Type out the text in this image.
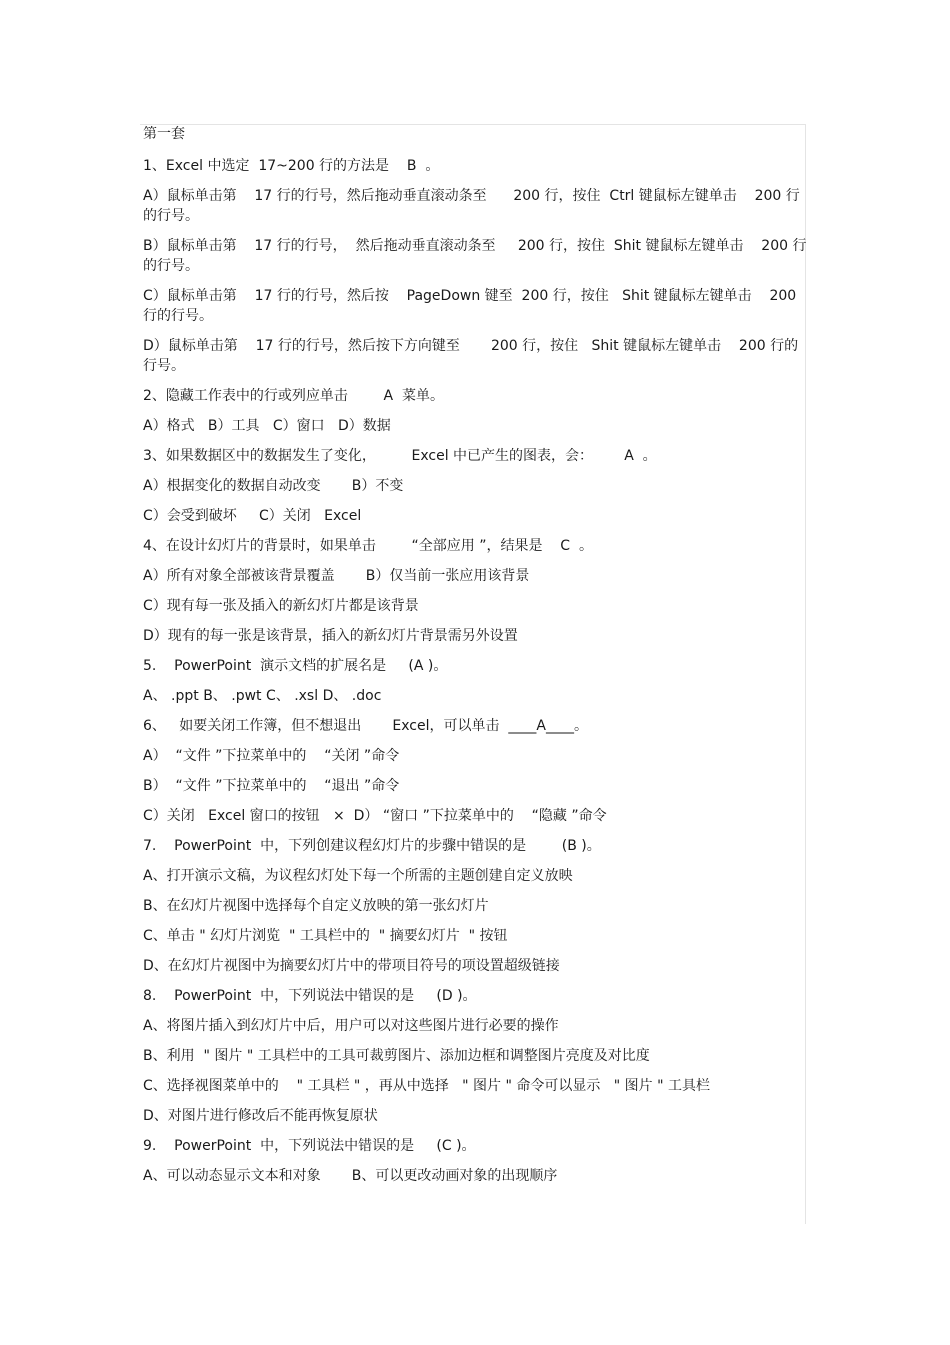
第一套
1、Excel 中选定  17~200 行的方法是    B  。
A）鼠标单击第    17 行的行号，然后拖动垂直滚动条至      200 行，按住  Ctrl 键鼠标左键单击    200 行的行号。
B）鼠标单击第    17 行的行号，  然后拖动垂直滚动条至     200 行，按住  Shit 键鼠标左键单击    200 行的行号。
C）鼠标单击第    17 行的行号，然后按    PageDown 键至  200 行，按住   Shit 键鼠标左键单击    200 行的行号。
D）鼠标单击第    17 行的行号，然后按下方向键至       200 行，按住   Shit 键鼠标左键单击    200 行的行号。
2、隐藏工作表中的行或列应单击        A  菜单。
A）格式   B）工具   C）窗口   D）数据
3、如果数据区中的数据发生了变化，        Excel 中已产生的图表，会：       A  。
A）根据变化的数据自动改变       B）不变
C）会受到破坏     C）关闭   Excel
4、在设计幻灯片的背景时，如果单击        “全部应用 ”，结果是    C  。
A）所有对象全部被该背景覆盖       B）仅当前一张应用该背景
C）现有每一张及插入的新幻灯片都是该背景
D）现有的每一张是该背景，插入的新幻灯片背景需另外设置
5.    PowerPoint  演示文档的扩展名是     (A )。
A、 .ppt B、 .pwt C、 .xsl D、 .doc
6、   如要关闭工作簿，但不想退出       Excel，可以单击  ____A____。
A）  “文件 ”下拉菜单中的    “关闭 ”命令
B）  “文件 ”下拉菜单中的    “退出 ”命令
C）关闭   Excel 窗口的按钮   ×  D） “窗口 ”下拉菜单中的    “隐藏 ”命令
7.    PowerPoint  中，下列创建议程幻灯片的步骤中错误的是        (B )。
A、打开演示文稿，为议程幻灯处下每一个所需的主题创建自定义放映
B、在幻灯片视图中选择每个自定义放映的第一张幻灯片
C、单击 " 幻灯片浏览  " 工具栏中的  " 摘要幻灯片  " 按钮
D、在幻灯片视图中为摘要幻灯片中的带项目符号的项设置超级链接
8.    PowerPoint  中，下列说法中错误的是     (D )。
A、将图片插入到幻灯片中后，用户可以对这些图片进行必要的操作
B、利用  " 图片 " 工具栏中的工具可裁剪图片、添加边框和调整图片亮度及对比度
C、选择视图菜单中的    " 工具栏 " ，再从中选择   " 图片 " 命令可以显示   " 图片 " 工具栏
D、对图片进行修改后不能再恢复原状
9.    PowerPoint  中，下列说法中错误的是     (C )。
A、可以动态显示文本和对象       B、可以更改动画对象的出现顺序
